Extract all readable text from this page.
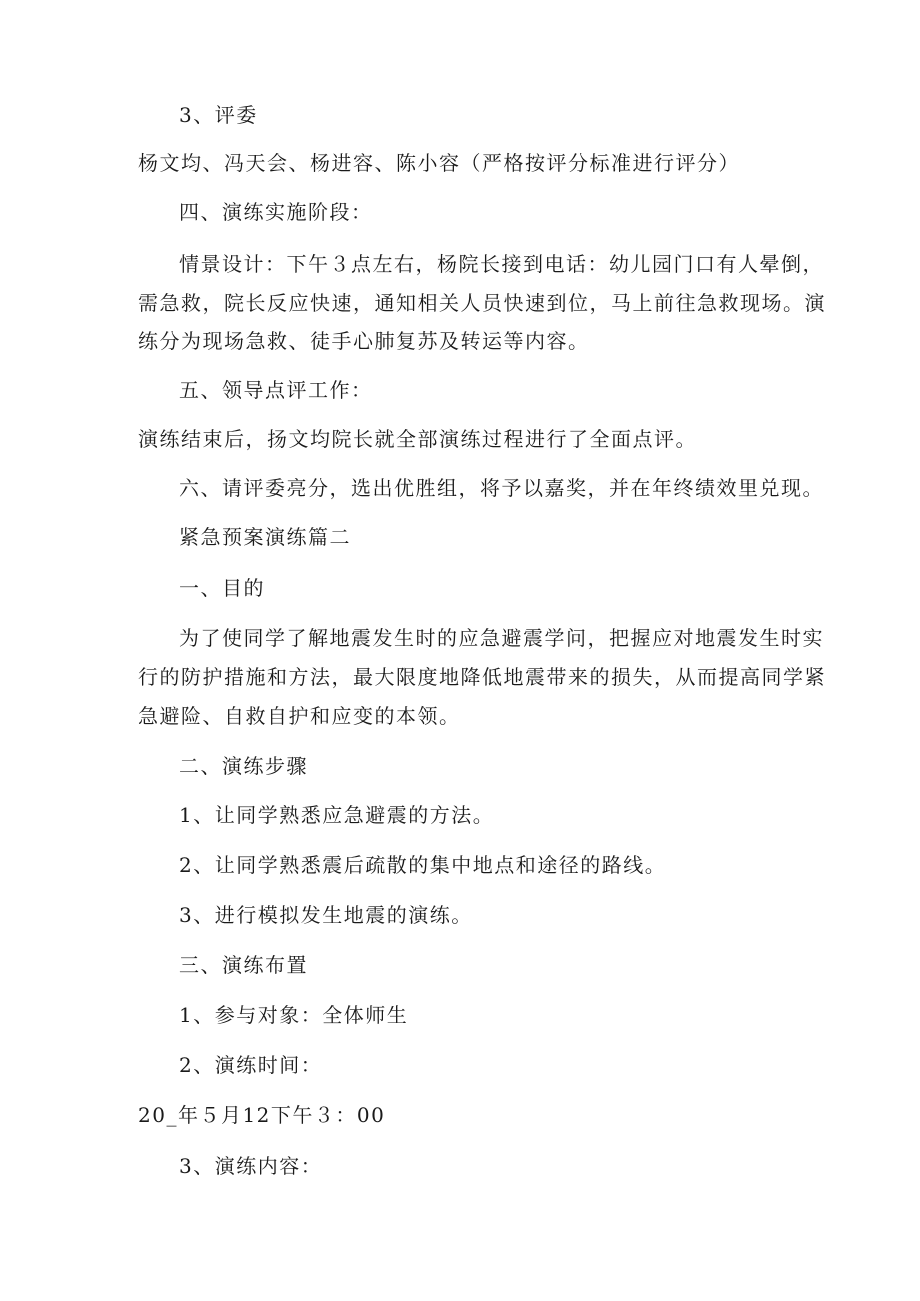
3、评委
杨文均、冯天会、杨进容、陈小容（严格按评分标准进行评分）
四、演练实施阶段：
情景设计：下午３点左右，杨院长接到电话：幼儿园门口有人晕倒，
需急救，院长反应快速，通知相关人员快速到位，马上前往急救现场。演
练分为现场急救、徒手心肺复苏及转运等内容。
五、领导点评工作：
演练结束后，扬文均院长就全部演练过程进行了全面点评。
六、请评委亮分，选出优胜组，将予以嘉奖，并在年终绩效里兑现。
紧急预案演练篇二
一、目的
为了使同学了解地震发生时的应急避震学问，把握应对地震发生时实
行的防护措施和方法，最大限度地降低地震带来的损失，从而提高同学紧
急避险、自救自护和应变的本领。
二、演练步骤
1、让同学熟悉应急避震的方法。
2、让同学熟悉震后疏散的集中地点和途径的路线。
3、进行模拟发生地震的演练。
三、演练布置
1、参与对象：全体师生
2、演练时间：
20_年５月12下午３：00
3、演练内容：
